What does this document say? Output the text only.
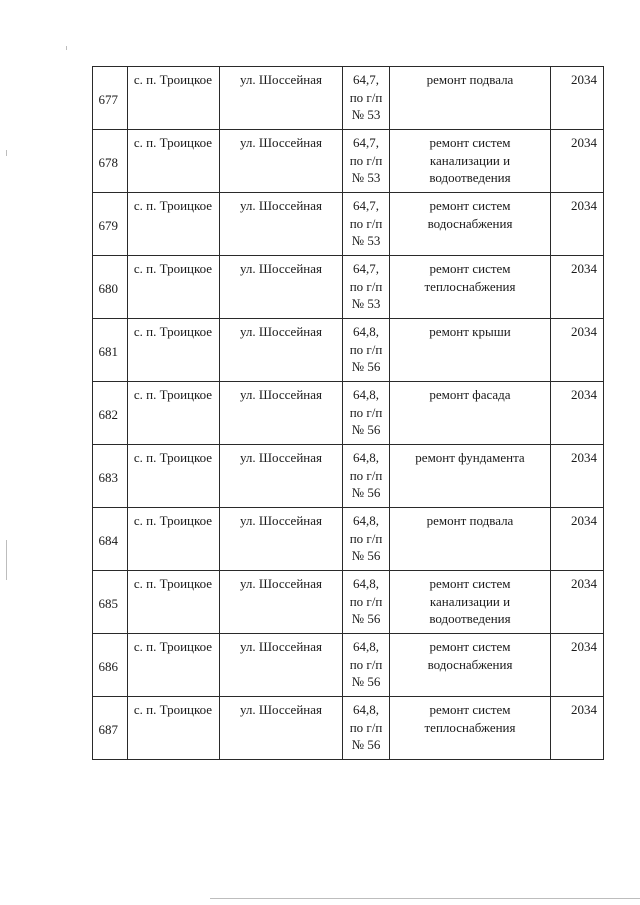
677	с. п. Троицкое	ул. Шоссейная	64,7,
по г/п
№ 53	ремонт подвала	2034
678	с. п. Троицкое	ул. Шоссейная	64,7,
по г/п
№ 53	ремонт систем
канализации и
водоотведения	2034
679	с. п. Троицкое	ул. Шоссейная	64,7,
по г/п
№ 53	ремонт систем
водоснабжения	2034
680	с. п. Троицкое	ул. Шоссейная	64,7,
по г/п
№ 53	ремонт систем
теплоснабжения	2034
681	с. п. Троицкое	ул. Шоссейная	64,8,
по г/п
№ 56	ремонт крыши	2034
682	с. п. Троицкое	ул. Шоссейная	64,8,
по г/п
№ 56	ремонт фасада	2034
683	с. п. Троицкое	ул. Шоссейная	64,8,
по г/п
№ 56	ремонт фундамента	2034
684	с. п. Троицкое	ул. Шоссейная	64,8,
по г/п
№ 56	ремонт подвала	2034
685	с. п. Троицкое	ул. Шоссейная	64,8,
по г/п
№ 56	ремонт систем
канализации и
водоотведения	2034
686	с. п. Троицкое	ул. Шоссейная	64,8,
по г/п
№ 56	ремонт систем
водоснабжения	2034
687	с. п. Троицкое	ул. Шоссейная	64,8,
по г/п
№ 56	ремонт систем
теплоснабжения	2034
